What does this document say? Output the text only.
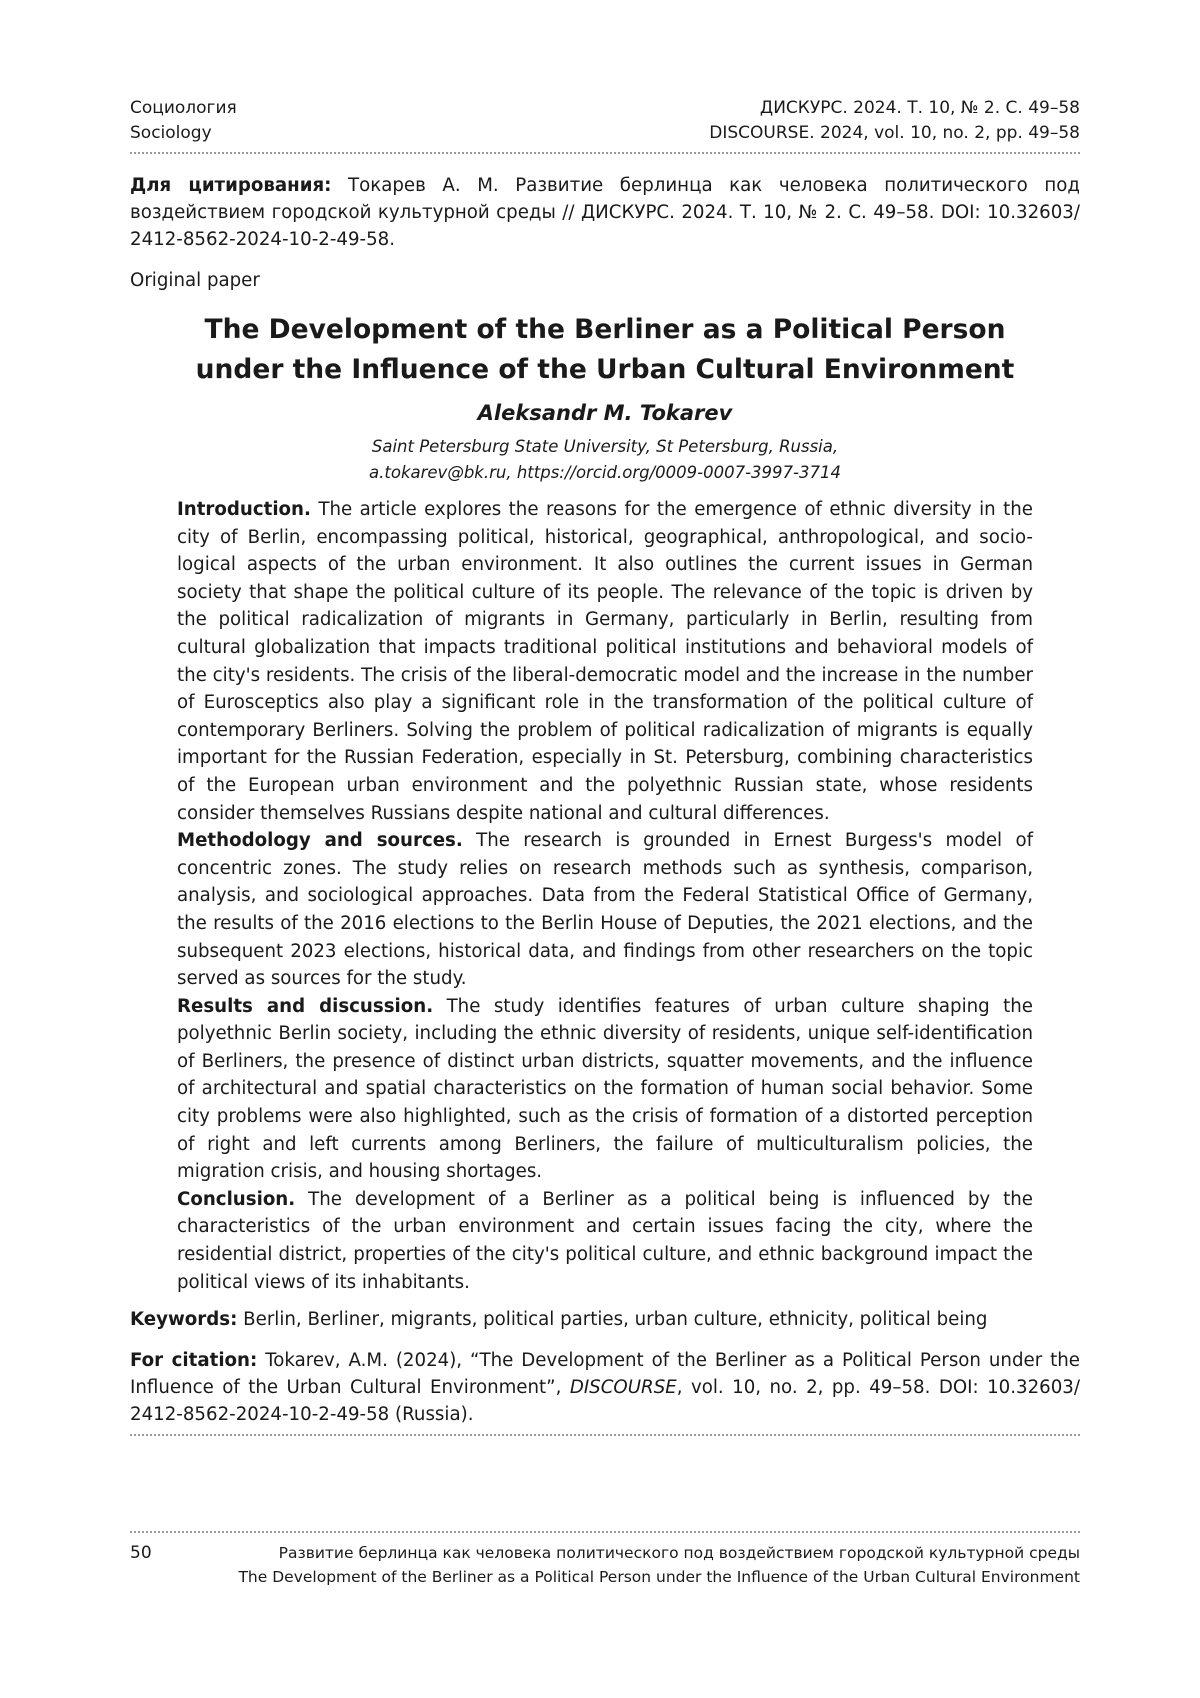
Социология
Sociology
ДИСКУРС. 2024. Т. 10, № 2. С. 49–58
DISCOURSE. 2024, vol. 10, no. 2, pp. 49–58
Для цитирования: Токарев А. М. Развитие берлинца как человека политического под воздействием городской культурной среды // ДИСКУРС. 2024. Т. 10, № 2. С. 49–58. DOI: 10.32603/ 2412-8562-2024-10-2-49-58.
Original paper
The Development of the Berliner as a Political Person
under the Influence of the Urban Cultural Environment
Aleksandr M. Tokarev
Saint Petersburg State University, St Petersburg, Russia,
a.tokarev@bk.ru, https://orcid.org/0009-0007-3997-3714

Introduction. The article explores the reasons for the emergence of ethnic diversity in the city of Berlin, encompassing political, historical, geographical, anthropological, and socio-logical aspects of the urban environment. It also outlines the current issues in German society that shape the political culture of its people. The relevance of the topic is driven by the political radicalization of migrants in Germany, particularly in Berlin, resulting from cultural globalization that impacts traditional political institutions and behavioral models of the city's residents. The crisis of the liberal-democratic model and the increase in the number of Eurosceptics also play a significant role in the transformation of the political culture of contemporary Berliners. Solving the problem of political radicalization of migrants is equally important for the Russian Federation, especially in St. Petersburg, combining characteristics of the European urban environment and the polyethnic Russian state, whose residents consider themselves Russians despite national and cultural differences.

Methodology and sources. The research is grounded in Ernest Burgess's model of concentric zones. The study relies on research methods such as synthesis, comparison, analysis, and sociological approaches. Data from the Federal Statistical Office of Germany, the results of the 2016 elections to the Berlin House of Deputies, the 2021 elections, and the subsequent 2023 elections, historical data, and findings from other researchers on the topic served as sources for the study.

Results and discussion. The study identifies features of urban culture shaping the polyethnic Berlin society, including the ethnic diversity of residents, unique self-identification of Berliners, the presence of distinct urban districts, squatter movements, and the influence of architectural and spatial characteristics on the formation of human social behavior. Some city problems were also highlighted, such as the crisis of formation of a distorted perception of right and left currents among Berliners, the failure of multiculturalism policies, the migration crisis, and housing shortages.

Conclusion. The development of a Berliner as a political being is influenced by the characteristics of the urban environment and certain issues facing the city, where the residential district, properties of the city's political culture, and ethnic background impact the political views of its inhabitants.

Keywords: Berlin, Berliner, migrants, political parties, urban culture, ethnicity, political being
For citation: Tokarev, A.M. (2024), “The Development of the Berliner as a Political Person under the Influence of the Urban Cultural Environment”, DISCOURSE, vol. 10, no. 2, pp. 49–58. DOI: 10.32603/ 2412-8562-2024-10-2-49-58 (Russia).
50	Развитие берлинца как человека политического под воздействием городской культурной среды
The Development of the Berliner as a Political Person under the Influence of the Urban Cultural Environment
